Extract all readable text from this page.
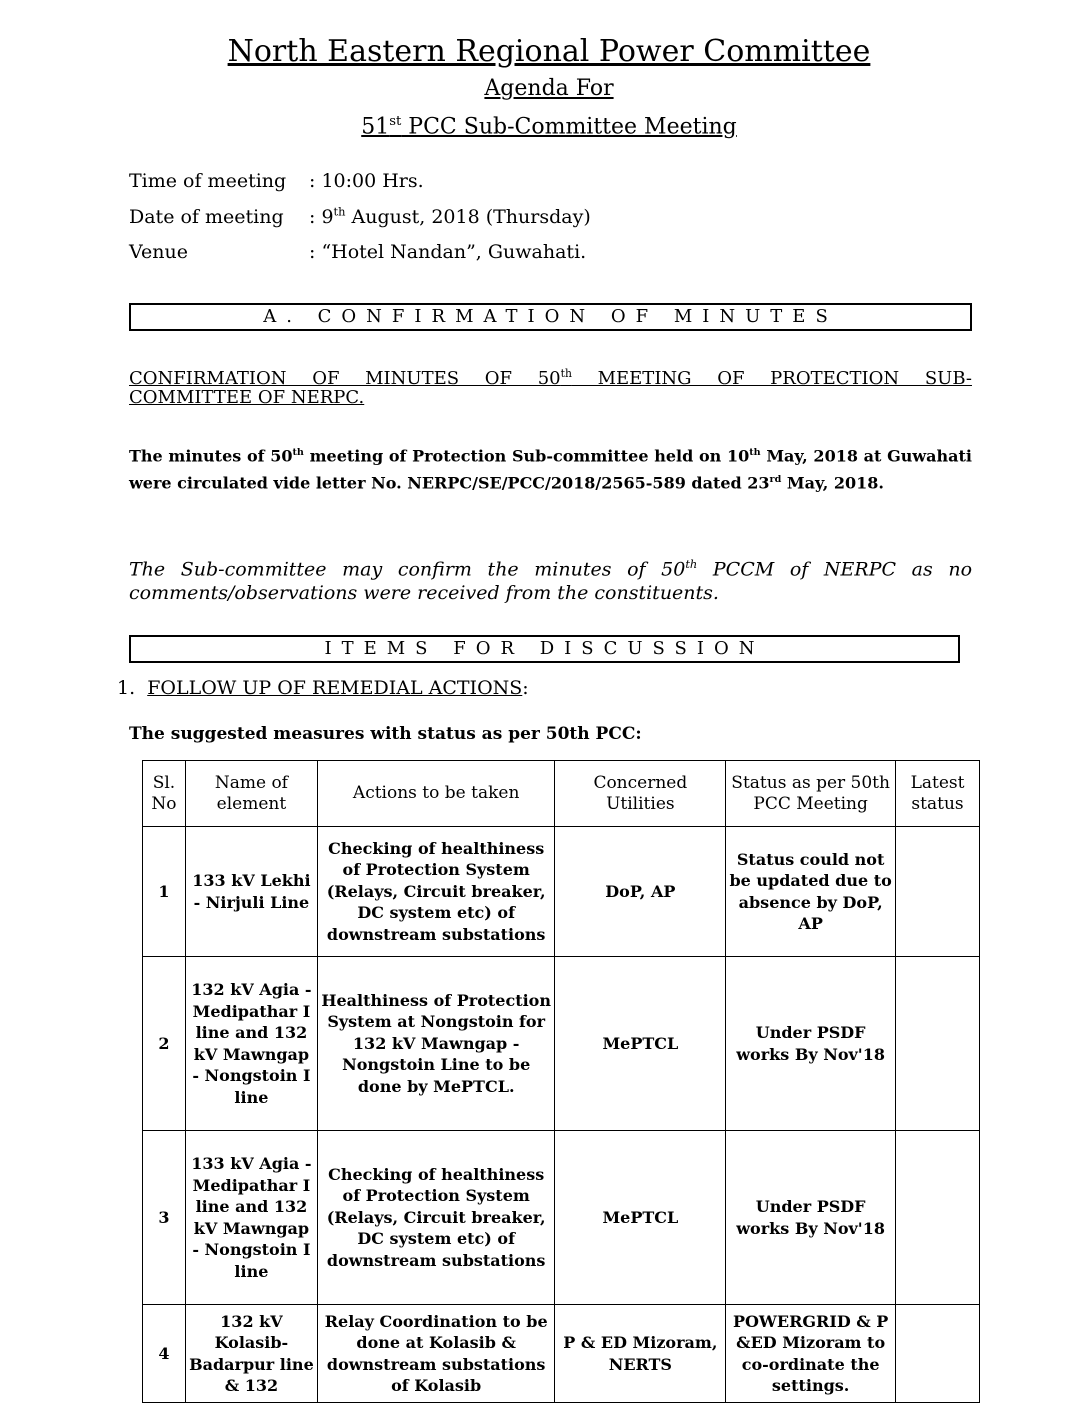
North Eastern Regional Power Committee
Agenda For
51st PCC Sub-Committee Meeting
Time of meeting : 10:00 Hrs.
Date of meeting : 9th August, 2018 (Thursday)
Venue	: “Hotel Nandan”, Guwahati.
A. CONFIRMATION OF MINUTES
CONFIRMATION OF MINUTES OF 50th MEETING OF PROTECTION SUB-
COMMITTEE OF NERPC.
The minutes of 50th meeting of Protection Sub-committee held on 10th May, 2018 at Guwahati were circulated vide letter No. NERPC/SE/PCC/2018/2565-589 dated 23rd May, 2018.
The Sub-committee may confirm the minutes of 50th PCCM of NERPC as no comments/observations were received from the constituents.
ITEMS FOR DISCUSSION
1. FOLLOW UP OF REMEDIAL ACTIONS:
The suggested measures with status as per 50th PCC:
Sl. No	Name of element	Actions to be taken	Concerned Utilities	Status as per 50th PCC Meeting	Latest status
1	133 kV Lekhi - Nirjuli Line	Checking of healthiness of Protection System (Relays, Circuit breaker, DC system etc) of downstream substations	DoP, AP	Status could not be updated due to absence by DoP, AP	
2	132 kV Agia - Medipathar I line and 132 kV Mawngap - Nongstoin I line	Healthiness of Protection System at Nongstoin for 132 kV Mawngap - Nongstoin Line to be done by MePTCL.	MePTCL	Under PSDF works By Nov'18	
3	133 kV Agia - Medipathar I line and 132 kV Mawngap - Nongstoin I line	Checking of healthiness of Protection System (Relays, Circuit breaker, DC system etc) of downstream substations	MePTCL	Under PSDF works By Nov'18	
4	132 kV Kolasib-Badarpur line & 132	Relay Coordination to be done at Kolasib & downstream substations of Kolasib	P & ED Mizoram, NERTS	POWERGRID & P &ED Mizoram to co-ordinate the settings.	
